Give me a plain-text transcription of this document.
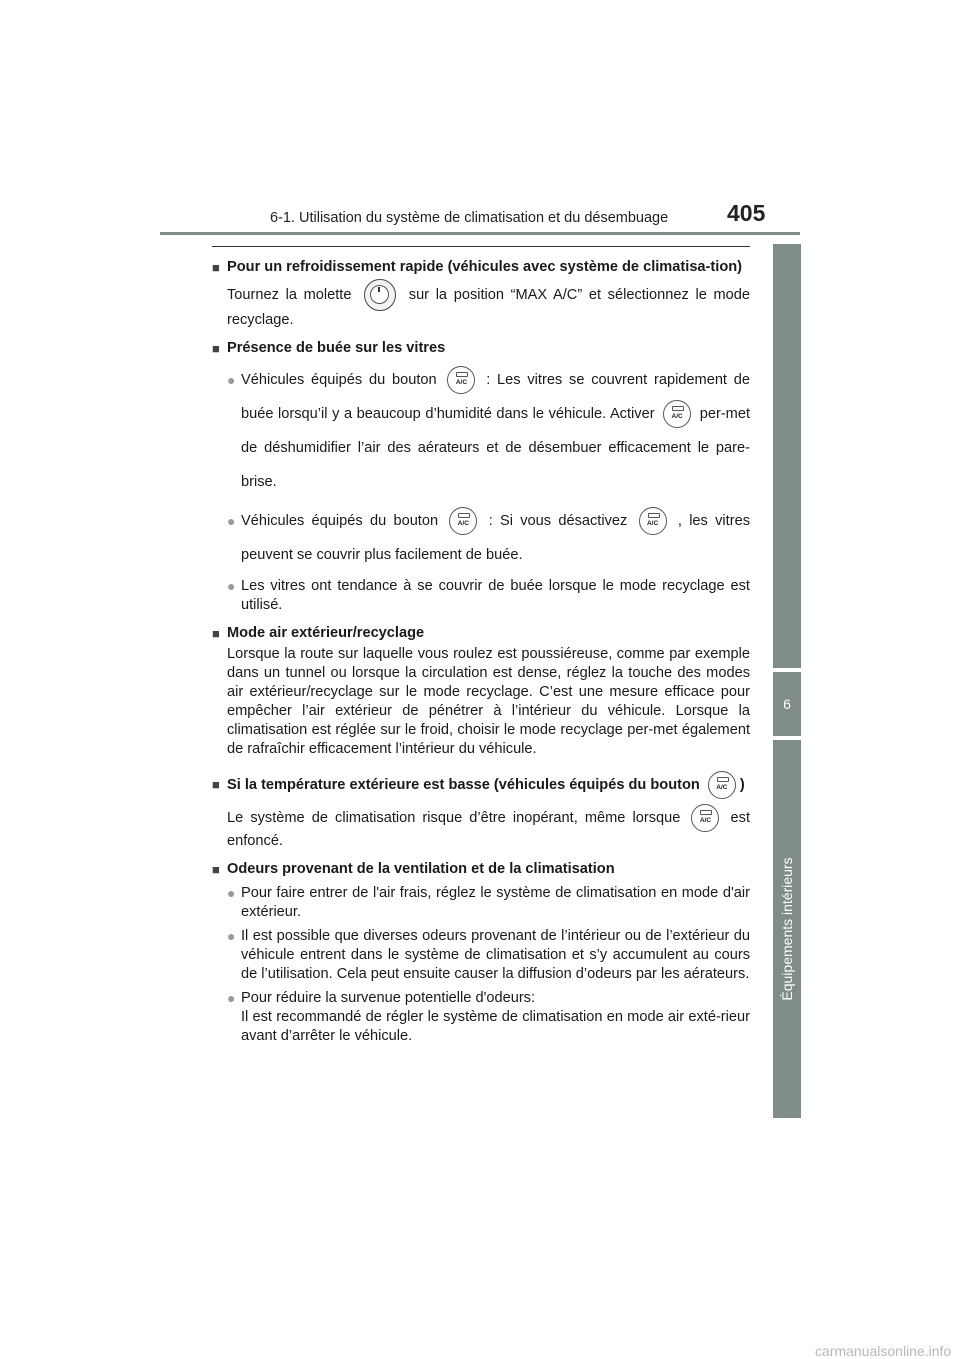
6-1. Utilisation du système de climatisation et du désembuage	405
6
Équipements intérieurs
■ Pour un refroidissement rapide (véhicules avec système de climatisa-tion)
Tournez la molette	sur la position “MAX A/C” et sélectionnez le mode recyclage.
■ Présence de buée sur les vitres
● Véhicules équipés du bouton	A/C	: Les vitres se couvrent rapidement de buée lorsqu’il y a beaucoup d’humidité dans le véhicule. Activer	A/C	per-met de déshumidifier l’air des aérateurs et de désembuer efficacement le pare-brise.
● Véhicules équipés du bouton	A/C	: Si vous désactivez	A/C	, les vitres peuvent se couvrir plus facilement de buée.
● Les vitres ont tendance à se couvrir de buée lorsque le mode recyclage est utilisé.
■ Mode air extérieur/recyclage
Lorsque la route sur laquelle vous roulez est poussiéreuse, comme par exemple dans un tunnel ou lorsque la circulation est dense, réglez la touche des modes air extérieur/recyclage sur le mode recyclage. C’est une mesure efficace pour empêcher l’air extérieur de pénétrer à l’intérieur du véhicule. Lorsque la climatisation est réglée sur le froid, choisir le mode recyclage per-met également de rafraîchir efficacement l’intérieur du véhicule.
■ Si la température extérieure est basse (véhicules équipés du bouton	A/C )
Le système de climatisation risque d’être inopérant, même lorsque	A/C	est enfoncé.
■ Odeurs provenant de la ventilation et de la climatisation
● Pour faire entrer de l'air frais, réglez le système de climatisation en mode d'air extérieur.
● Il est possible que diverses odeurs provenant de l’intérieur ou de l’extérieur du véhicule entrent dans le système de climatisation et s’y accumulent au cours de l’utilisation. Cela peut ensuite causer la diffusion d’odeurs par les aérateurs.
● Pour réduire la survenue potentielle d'odeurs:
Il est recommandé de régler le système de climatisation en mode air exté-rieur avant d’arrêter le véhicule.
carmanualsonline.info
